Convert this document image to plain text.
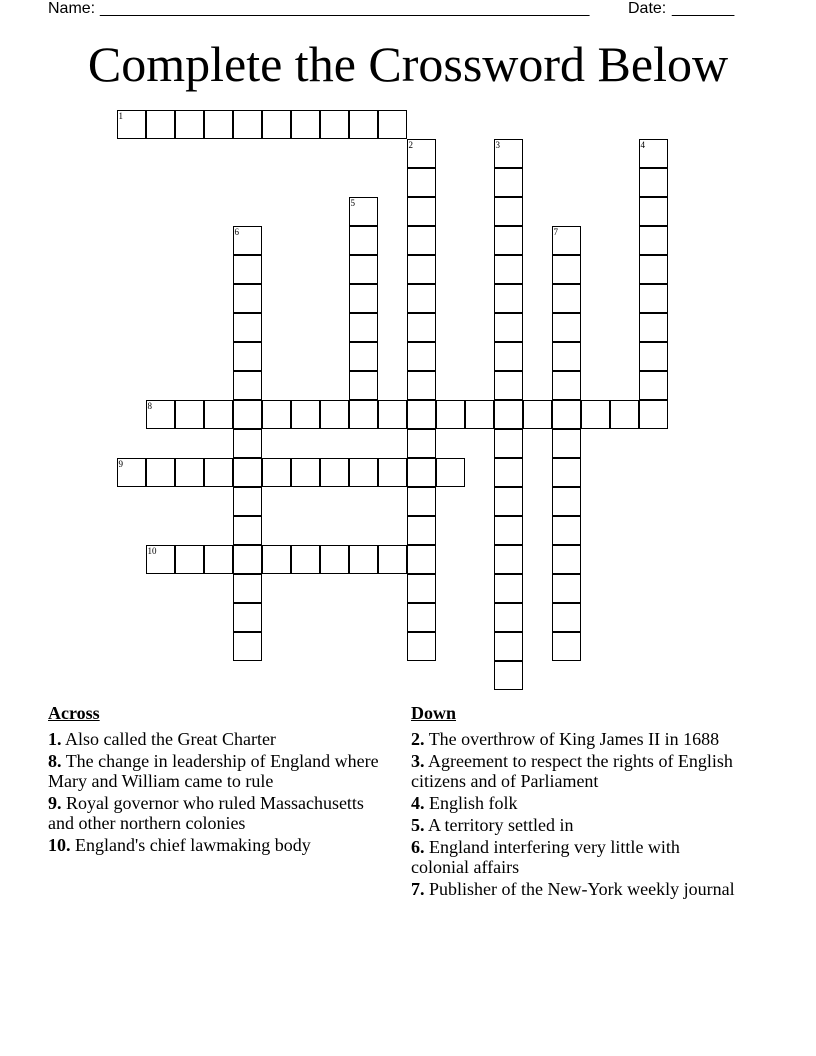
Name: _______________________________________________________ Date: _______
Complete the Crossword Below
1
2	3	4
5
6	7
8
9
10
Across
1. Also called the Great Charter
8. The change in leadership of England where Mary and William came to rule
9. Royal governor who ruled Massachusetts and other northern colonies
10. England's chief lawmaking body
Down
2. The overthrow of King James II in 1688
3. Agreement to respect the rights of English citizens and of Parliament
4. English folk
5. A territory settled in
6. England interfering very little with colonial affairs
7. Publisher of the New-York weekly journal
